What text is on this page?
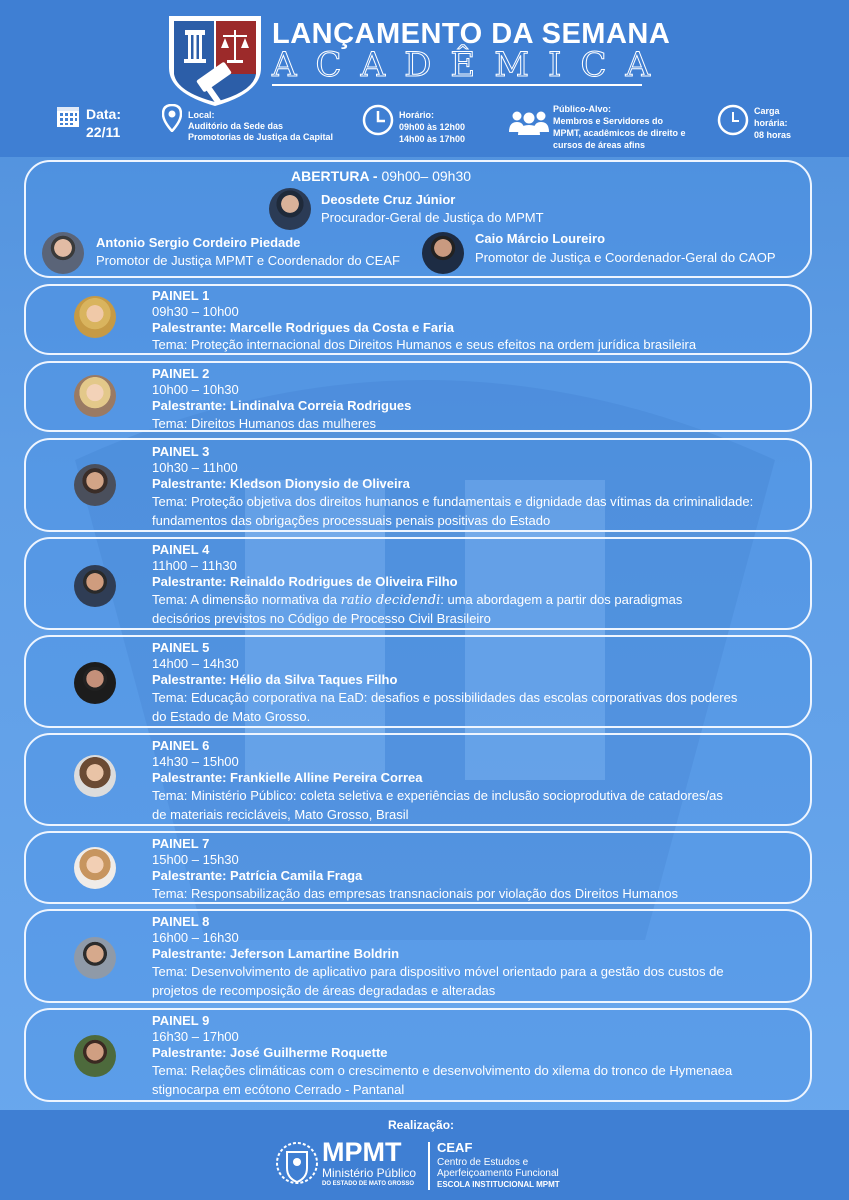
LANÇAMENTO DA SEMANA
ACADÊMICA
Data:
22/11
Local:
Auditório da Sede das
Promotorias de Justiça da Capital
Horário:
09h00 às 12h00
14h00 às 17h00
Público-Alvo:
Membros e Servidores do
MPMT, acadêmicos de direito e
cursos de áreas afins
Carga
horária:
08 horas
ABERTURA - 09h00– 09h30
Deosdete Cruz Júnior
Procurador-Geral de Justiça do MPMT
Antonio Sergio Cordeiro Piedade
Promotor de Justiça MPMT e Coordenador do CEAF
Caio Márcio Loureiro
Promotor de Justiça e Coordenador-Geral do CAOP
PAINEL 1
09h30 – 10h00
Palestrante: Marcelle Rodrigues da Costa e Faria
Tema: Proteção internacional dos Direitos Humanos e seus efeitos na ordem jurídica brasileira
PAINEL 2
10h00 – 10h30
Palestrante: Lindinalva Correia Rodrigues
Tema: Direitos Humanos das mulheres
PAINEL 3
10h30 – 11h00
Palestrante: Kledson Dionysio de Oliveira
Tema: Proteção objetiva dos direitos humanos e fundamentais e dignidade das vítimas da criminalidade:
fundamentos das obrigações processuais penais positivas do Estado
PAINEL 4
11h00 – 11h30
Palestrante: Reinaldo Rodrigues de Oliveira Filho
Tema: A dimensão normativa da ratio decidendi: uma abordagem a partir dos paradigmas
decisórios previstos no Código de Processo Civil Brasileiro
PAINEL 5
14h00 – 14h30
Palestrante: Hélio da Silva Taques Filho
Tema: Educação corporativa na EaD: desafios e possibilidades das escolas corporativas dos poderes
do Estado de Mato Grosso.
PAINEL 6
14h30 – 15h00
Palestrante: Frankielle Alline Pereira Correa
Tema: Ministério Público: coleta seletiva e experiências de inclusão socioprodutiva de catadores/as
de materiais recicláveis, Mato Grosso, Brasil
PAINEL 7
15h00 – 15h30
Palestrante: Patrícia Camila Fraga
Tema: Responsabilização das empresas transnacionais por violação dos Direitos Humanos
PAINEL 8
16h00 – 16h30
Palestrante: Jeferson Lamartine Boldrin
Tema: Desenvolvimento de aplicativo para dispositivo móvel orientado para a gestão dos custos de
projetos de recomposição de áreas degradadas e alteradas
PAINEL 9
16h30 – 17h00
Palestrante: José Guilherme Roquette
Tema: Relações climáticas com o crescimento e desenvolvimento do xilema do tronco de Hymenaea
stignocarpa em ecótono Cerrado - Pantanal
Realização:
MPMT
Ministério Público
DO ESTADO DE MATO GROSSO
CEAF
Centro de Estudos e
Aperfeiçoamento Funcional
ESCOLA INSTITUCIONAL MPMT
